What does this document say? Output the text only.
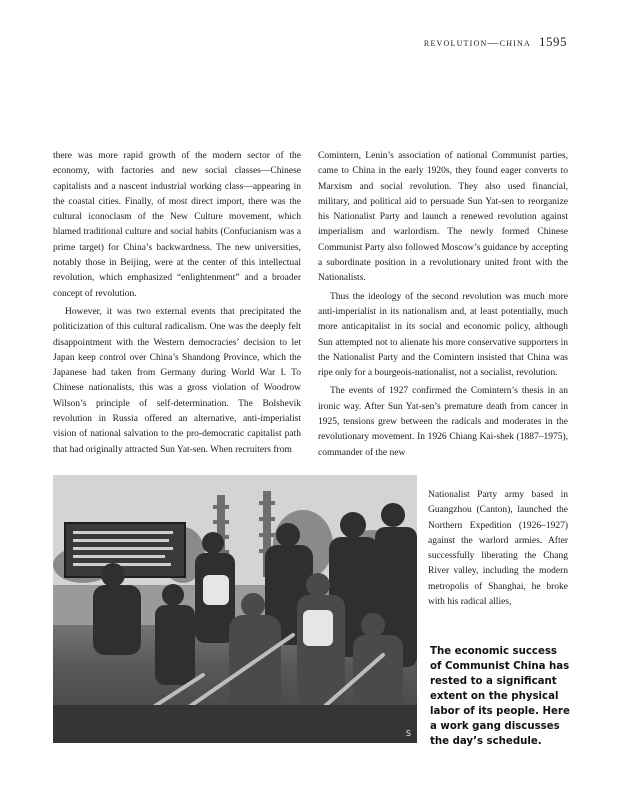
revolution—china 1595

there was more rapid growth of the modern sector of the economy, with factories and new social classes—Chinese capitalists and a nascent industrial working class—appearing in the coastal cities. Finally, of most direct import, there was the cultural iconoclasm of the New Culture movement, which blamed traditional culture and social habits (Confucianism was a prime target) for China’s backwardness. The new universities, notably those in Beijing, were at the center of this intellectual revolution, which emphasized “enlightenment” and a broader concept of revolution.

However, it was two external events that precipitated the politicization of this cultural radicalism. One was the deeply felt disappointment with the Western democracies’ decision to let Japan keep control over China’s Shandong Province, which the Japanese had taken from Germany during World War I. To Chinese nationalists, this was a gross violation of Woodrow Wilson’s principle of self-determination. The Bolshevik revolution in Russia offered an alternative, anti-imperialist vision of national salvation to the pro-democratic capitalist path that had originally attracted Sun Yat-sen. When recruiters from

Comintern, Lenin’s association of national Communist parties, came to China in the early 1920s, they found eager converts to Marxism and social revolution. They also used financial, military, and political aid to persuade Sun Yat-sen to reorganize his Nationalist Party and launch a renewed revolution against imperialism and warlordism. The newly formed Chinese Communist Party also followed Moscow’s guidance by accepting a subordinate position in a revolutionary united front with the Nationalists.

Thus the ideology of the second revolution was much more anti-imperialist in its nationalism and, at least potentially, much more anticapitalist in its social and economic policy, although Sun attempted not to alienate his more conservative supporters in the Nationalist Party and the Comintern insisted that China was ripe only for a bourgeois-nationalist, not a socialist, revolution.

The events of 1927 confirmed the Comintern’s thesis in an ironic way. After Sun Yat-sen’s premature death from cancer in 1925, tensions grew between the radicals and moderates in the revolutionary movement. In 1926 Chiang Kai-shek (1887–1975), commander of the new

Nationalist Party army based in Guangzhou (Canton), launched the Northern Expedition (1926–1927) against the warlord armies. After successfully liberating the Chang River valley, including the modern metropolis of Shanghai, he broke with his radical allies,
S
The economic success of Communist China has rested to a significant extent on the physical labor of its people. Here a work gang discusses the day’s schedule.
